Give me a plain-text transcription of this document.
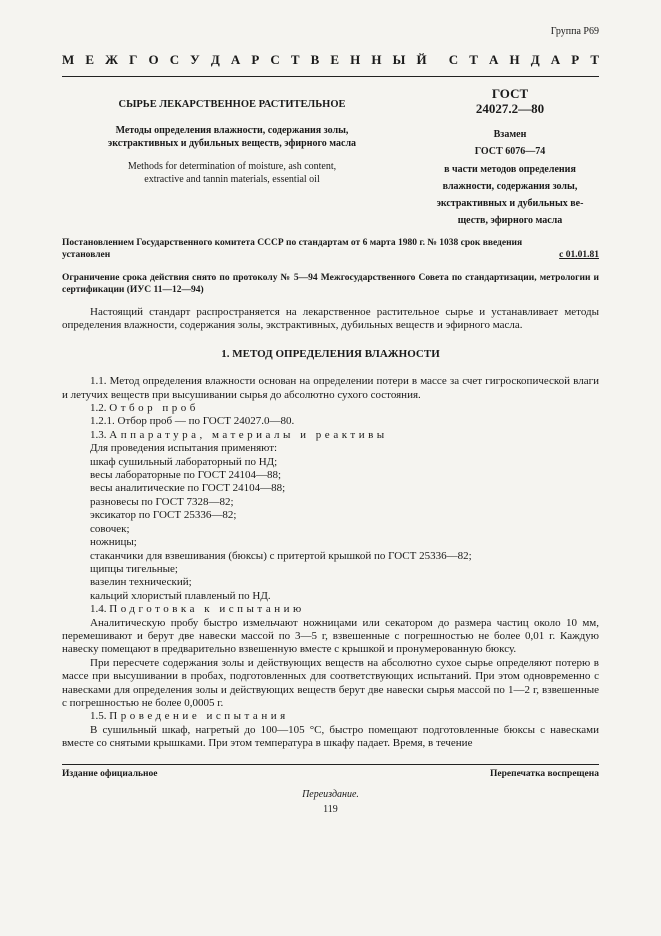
Группа Р69
М Е Ж Г О С У Д А Р С Т В Е Н Н Ы Й С Т А Н Д А Р Т
СЫРЬЕ ЛЕКАРСТВЕННОЕ РАСТИТЕЛЬНОЕ
Методы определения влажности, содержания золы,
экстрактивных и дубильных веществ, эфирного масла
Methods for determination of moisture, ash content,
extractive and tannin materials, essential oil
ГОСТ
24027.2—80
Взамен
ГОСТ 6076—74
в части методов определения
влажности, содержания золы,
экстрактивных и дубильных ве-
ществ, эфирного масла
Постановлением Государственного комитета СССР по стандартам от 6 марта 1980 г. № 1038 срок введения
установлен	с 01.01.81
Ограничение срока действия снято по протоколу № 5—94 Межгосударственного Совета по стандартизации, метрологии и сертификации (ИУС 11—12—94)

Настоящий стандарт распространяется на лекарственное растительное сырье и устанавливает методы определения влажности, содержания золы, экстрактивных, дубильных веществ и эфирного масла.

1. МЕТОД ОПРЕДЕЛЕНИЯ ВЛАЖНОСТИ

1.1. Метод определения влажности основан на определении потери в массе за счет гигроскопической влаги и летучих веществ при высушивании сырья до абсолютно сухого состояния.

1.2. Отбор проб

1.2.1. Отбор проб — по ГОСТ 24027.0—80.

1.3. Аппаратура, материалы и реактивы

Для проведения испытания применяют:

шкаф сушильный лабораторный по НД;

весы лабораторные по ГОСТ 24104—88;

весы аналитические по ГОСТ 24104—88;

разновесы по ГОСТ 7328—82;

эксикатор по ГОСТ 25336—82;

совочек;

ножницы;

стаканчики для взвешивания (бюксы) с притертой крышкой по ГОСТ 25336—82;

щипцы тигельные;

вазелин технический;

кальций хлористый плавленый по НД.

1.4. Подготовка к испытанию

Аналитическую пробу быстро измельчают ножницами или секатором до размера частиц около 10 мм, перемешивают и берут две навески массой по 3—5 г, взвешенные с погрешностью не более 0,01 г. Каждую навеску помещают в предварительно взвешенную вместе с крышкой и пронумерованную бюксу.

При пересчете содержания золы и действующих веществ на абсолютно сухое сырье определяют потерю в массе при высушивании в пробах, подготовленных для соответствующих испытаний. При этом одновременно с навесками для определения золы и действующих веществ берут две навески сырья массой по 1—2 г, взвешенные с погрешностью не более 0,0005 г.

1.5. Проведение испытания

В сушильный шкаф, нагретый до 100—105 °С, быстро помещают подготовленные бюксы с навесками вместе со снятыми крышками. При этом температура в шкафу падает. Время, в течение

Издание официальное	Перепечатка воспрещена
Переиздание.
119
